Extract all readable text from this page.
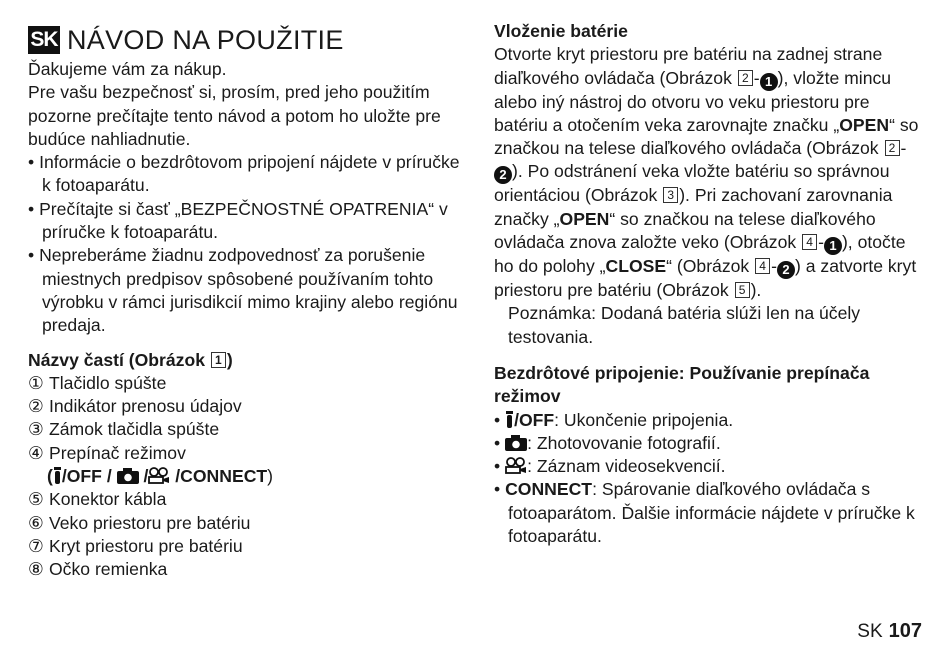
SK NÁVOD NA POUŽITIE

Ďakujeme vám za nákup.

Pre vašu bezpečnosť si, prosím, pred jeho použitím pozorne prečítajte tento návod a potom ho uložte pre budúce nahliadnutie.

• Informácie o bezdrôtovom pripojení nájdete v príručke k fotoaparátu.
• Prečítajte si časť „BEZPEČNOSTNÉ OPATRENIA“ v príručke k fotoaparátu.
• Nepreberáme žiadnu zodpovednosť za porušenie miestnych predpisov spôsobené používaním tohto výrobku v rámci jurisdikcií mimo krajiny alebo regiónu predaja.
Názvy častí (Obrázok 1 )
① Tlačidlo spúšte
② Indikátor prenosu údajov
③ Zámok tlačidla spúšte
④ Prepínač režimov
( /OFF / / /CONNECT)
⑤ Konektor kábla
⑥ Veko priestoru pre batériu
⑦ Kryt priestoru pre batériu
⑧ Očko remienka
Vloženie batérie

Otvorte kryt priestoru pre batériu na zadnej strane diaľkového ovládača (Obrázok 2 - 1 ), vložte mincu alebo iný nástroj do otvoru vo veku priestoru pre batériu a otočením veka zarovnajte značku „OPEN“ so značkou na telese diaľkového ovládača (Obrázok 2 -2 ). Po odstránení veka vložte batériu so správnou orientáciou (Obrázok 3 ). Pri zachovaní zarovnania značky „OPEN“ so značkou na telese diaľkového ovládača znova založte veko (Obrázok 4 - 1 ), otočte ho do polohy „CLOSE“ (Obrázok 4 - 2 ) a zatvorte kryt priestoru pre batériu (Obrázok 5 ).

Poznámka: Dodaná batéria slúži len na účely testovania.

Bezdrôtové pripojenie: Používanie prepínača režimov
• /OFF: Ukončenie pripojenia.
• : Zhotovovanie fotografií.
• : Záznam videosekvencií.
• CONNECT: Spárovanie diaľkového ovládača s fotoaparátom. Ďalšie informácie nájdete v príručke k fotoaparátu.
SK 107
